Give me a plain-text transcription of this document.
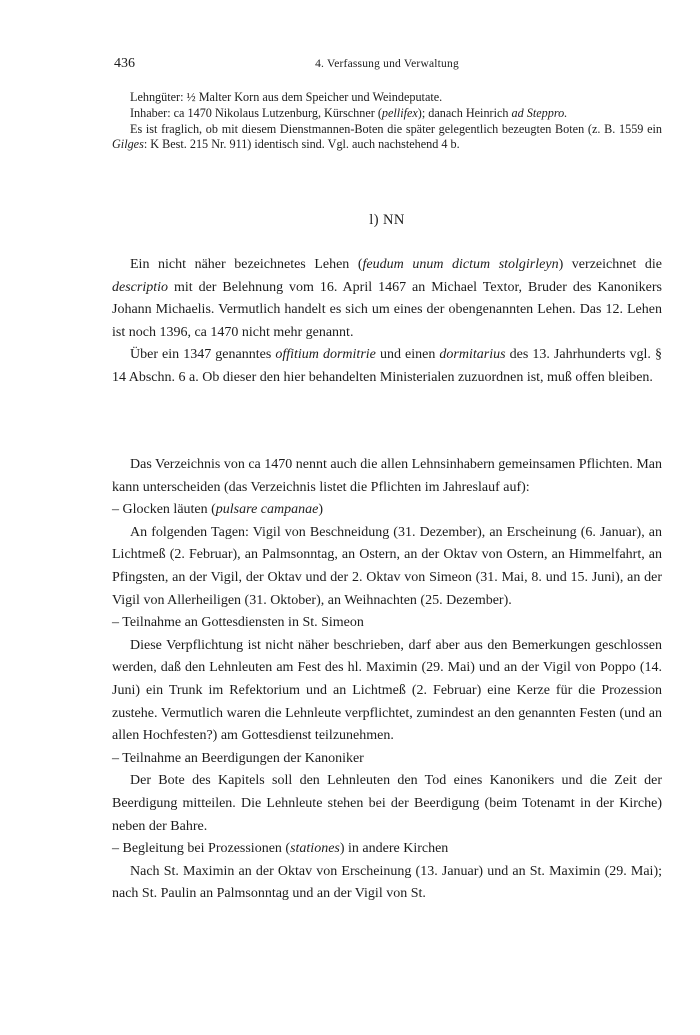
436	4. Verfassung und Verwaltung

Lehngüter: ½ Malter Korn aus dem Speicher und Weindeputate.

Inhaber: ca 1470 Nikolaus Lutzenburg, Kürschner (pellifex); danach Heinrich ad Steppro.

Es ist fraglich, ob mit diesem Dienstmannen-Boten die später gelegentlich bezeugten Boten (z. B. 1559 ein Gilges: K Best. 215 Nr. 911) identisch sind. Vgl. auch nachstehend 4 b.

l) NN

Ein nicht näher bezeichnetes Lehen (feudum unum dictum stolgirleyn) verzeichnet die descriptio mit der Belehnung vom 16. April 1467 an Michael Textor, Bruder des Kanonikers Johann Michaelis. Vermutlich handelt es sich um eines der obengenannten Lehen. Das 12. Lehen ist noch 1396, ca 1470 nicht mehr genannt.

Über ein 1347 genanntes offitium dormitrie und einen dormitarius des 13. Jahrhunderts vgl. § 14 Abschn. 6 a. Ob dieser den hier behandelten Ministerialen zuzuordnen ist, muß offen bleiben.

Das Verzeichnis von ca 1470 nennt auch die allen Lehnsinhabern gemeinsamen Pflichten. Man kann unterscheiden (das Verzeichnis listet die Pflichten im Jahreslauf auf):

– Glocken läuten (pulsare campanae)

An folgenden Tagen: Vigil von Beschneidung (31. Dezember), an Erscheinung (6. Januar), an Lichtmeß (2. Februar), an Palmsonntag, an Ostern, an der Oktav von Ostern, an Himmelfahrt, an Pfingsten, an der Vigil, der Oktav und der 2. Oktav von Simeon (31. Mai, 8. und 15. Juni), an der Vigil von Allerheiligen (31. Oktober), an Weihnachten (25. Dezember).

– Teilnahme an Gottesdiensten in St. Simeon

Diese Verpflichtung ist nicht näher beschrieben, darf aber aus den Bemerkungen geschlossen werden, daß den Lehnleuten am Fest des hl. Maximin (29. Mai) und an der Vigil von Poppo (14. Juni) ein Trunk im Refektorium und an Lichtmeß (2. Februar) eine Kerze für die Prozession zustehe. Vermutlich waren die Lehnleute verpflichtet, zumindest an den genannten Festen (und an allen Hochfesten?) am Gottesdienst teilzunehmen.

– Teilnahme an Beerdigungen der Kanoniker

Der Bote des Kapitels soll den Lehnleuten den Tod eines Kanonikers und die Zeit der Beerdigung mitteilen. Die Lehnleute stehen bei der Beerdigung (beim Totenamt in der Kirche) neben der Bahre.

– Begleitung bei Prozessionen (stationes) in andere Kirchen

Nach St. Maximin an der Oktav von Erscheinung (13. Januar) und an St. Maximin (29. Mai); nach St. Paulin an Palmsonntag und an der Vigil von St.
